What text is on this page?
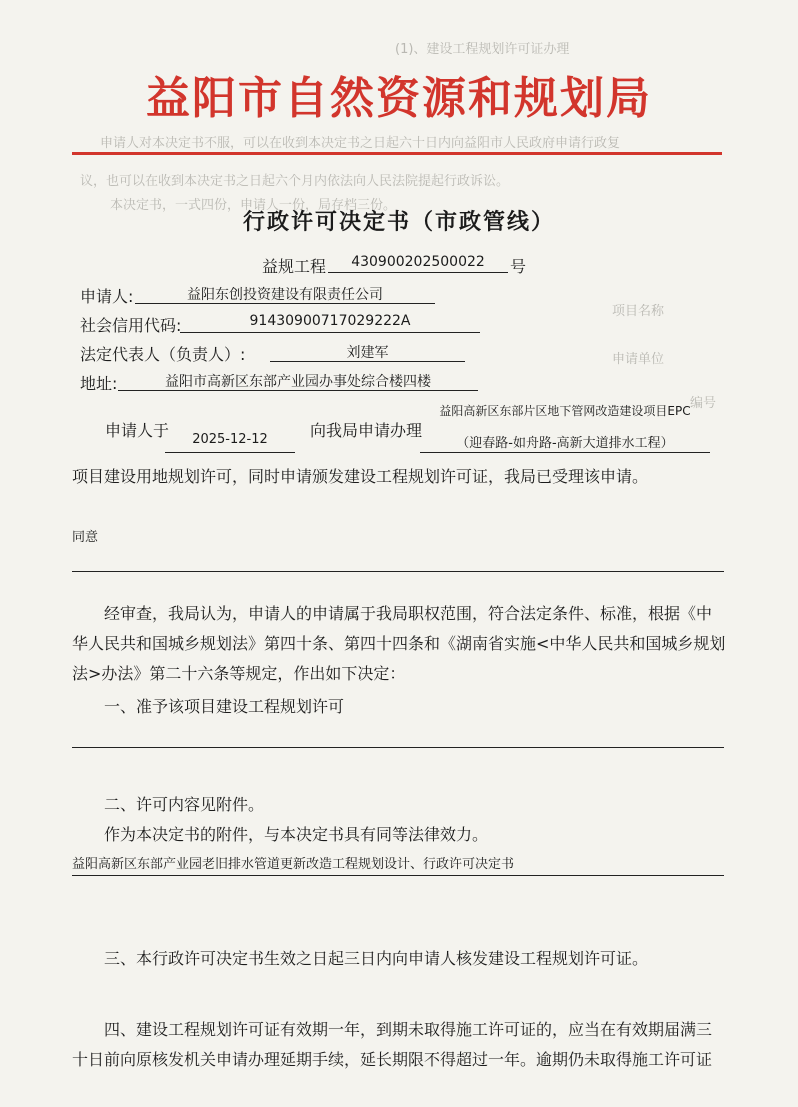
(1)、建设工程规划许可证办理
申请人对本决定书不服，可以在收到本决定书之日起六十日内向益阳市人民政府申请行政复
议，也可以在收到本决定书之日起六个月内依法向人民法院提起行政诉讼。
本决定书，一式四份，申请人一份，局存档三份。
项目名称
申请单位
编号
益阳市自然资源和规划局
行政许可决定书（市政管线）
益规工程	430900202500022	号
申请人:	益阳东创投资建设有限责任公司
社会信用代码:	91430900717029222A
法定代表人（负责人）:	刘建军
地址:	益阳市高新区东部产业园办事处综合楼四楼
申请人于	2025-12-12	向我局申请办理
益阳高新区东部片区地下管网改造建设项目EPC
（迎春路-如舟路-高新大道排水工程）
项目建设用地规划许可，同时申请颁发建设工程规划许可证，我局已受理该申请。
同意
经审查，我局认为，申请人的申请属于我局职权范围，符合法定条件、标准，根据《中
华人民共和国城乡规划法》第四十条、第四十四条和《湖南省实施<中华人民共和国城乡规划
法>办法》第二十六条等规定，作出如下决定：
一、准予该项目建设工程规划许可
二、许可内容见附件。
作为本决定书的附件，与本决定书具有同等法律效力。
益阳高新区东部产业园老旧排水管道更新改造工程规划设计、行政许可决定书
三、本行政许可决定书生效之日起三日内向申请人核发建设工程规划许可证。
四、建设工程规划许可证有效期一年，到期未取得施工许可证的，应当在有效期届满三
十日前向原核发机关申请办理延期手续，延长期限不得超过一年。逾期仍未取得施工许可证
